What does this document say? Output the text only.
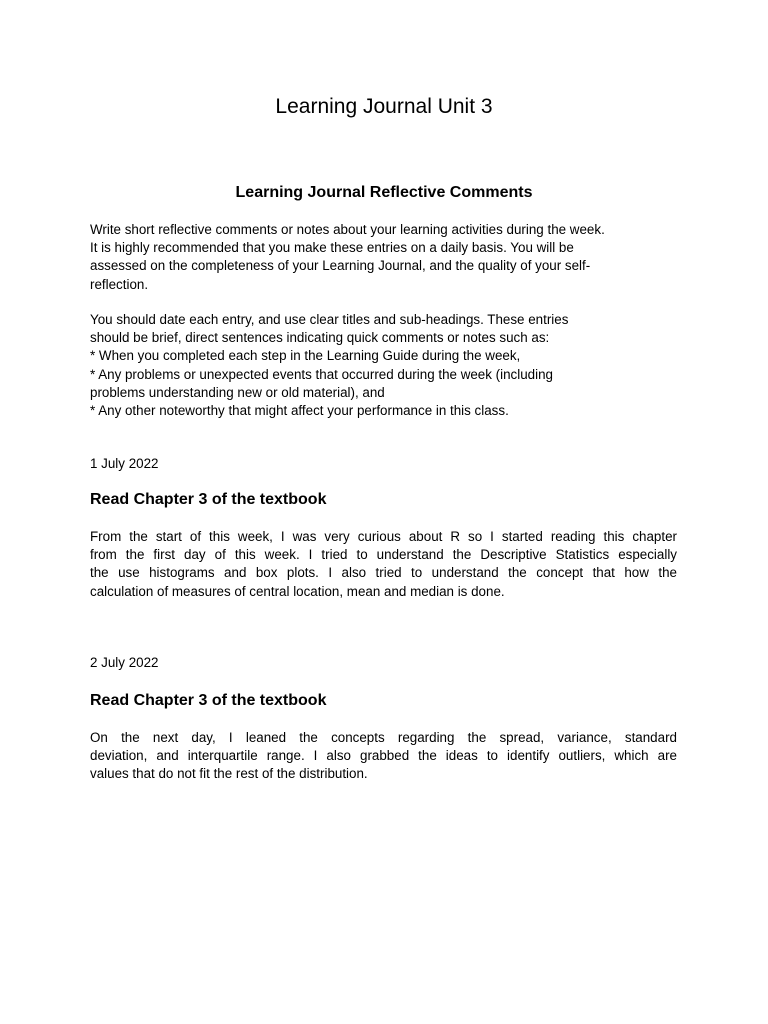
Learning Journal Unit 3
Learning Journal Reflective Comments
Write short reflective comments or notes about your learning activities during the week.
It is highly recommended that you make these entries on a daily basis. You will be
assessed on the completeness of your Learning Journal, and the quality of your self-
reflection.
You should date each entry, and use clear titles and sub-headings. These entries
should be brief, direct sentences indicating quick comments or notes such as:
* When you completed each step in the Learning Guide during the week,
* Any problems or unexpected events that occurred during the week (including
problems understanding new or old material), and
* Any other noteworthy that might affect your performance in this class.

1 July 2022

Read Chapter 3 of the textbook
From the start of this week, I was very curious about R so I started reading this chapter
from the first day of this week. I tried to understand the Descriptive Statistics especially
the use histograms and box plots. I also tried to understand the concept that how the
calculation of measures of central location, mean and median is done.

2 July 2022

Read Chapter 3 of the textbook
On the next day, I leaned the concepts regarding the spread, variance, standard
deviation, and interquartile range. I also grabbed the ideas to identify outliers, which are
values that do not fit the rest of the distribution.
